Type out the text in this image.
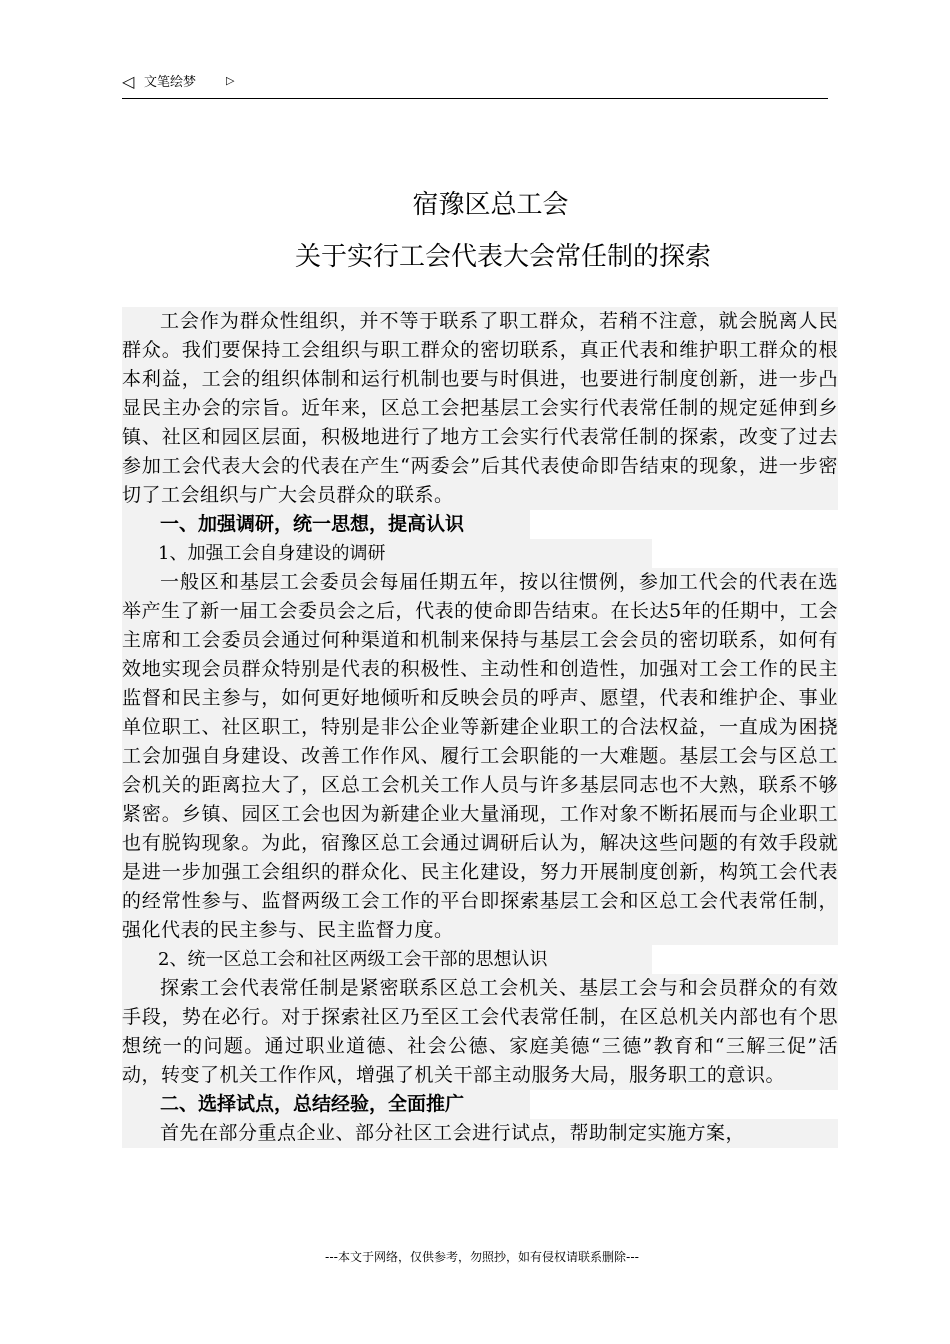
◁ 文笔绘梦	▷
宿豫区总工会
关于实行工会代表大会常任制的探索

工会作为群众性组织，并不等于联系了职工群众，若稍不注意，就会脱离人民群众。我们要保持工会组织与职工群众的密切联系，真正代表和维护职工群众的根本利益，工会的组织体制和运行机制也要与时俱进，也要进行制度创新，进一步凸显民主办会的宗旨。近年来，区总工会把基层工会实行代表常任制的规定延伸到乡镇、社区和园区层面，积极地进行了地方工会实行代表常任制的探索，改变了过去参加工会代表大会的代表在产生“两委会”后其代表使命即告结束的现象，进一步密切了工会组织与广大会员群众的联系。

一、加强调研，统一思想，提高认识

1、加强工会自身建设的调研

一般区和基层工会委员会每届任期五年，按以往惯例，参加工代会的代表在选举产生了新一届工会委员会之后，代表的使命即告结束。在长达5年的任期中，工会主席和工会委员会通过何种渠道和机制来保持与基层工会会员的密切联系，如何有效地实现会员群众特别是代表的积极性、主动性和创造性，加强对工会工作的民主监督和民主参与，如何更好地倾听和反映会员的呼声、愿望，代表和维护企、事业单位职工、社区职工，特别是非公企业等新建企业职工的合法权益，一直成为困挠工会加强自身建设、改善工作作风、履行工会职能的一大难题。基层工会与区总工会机关的距离拉大了，区总工会机关工作人员与许多基层同志也不大熟，联系不够紧密。乡镇、园区工会也因为新建企业大量涌现，工作对象不断拓展而与企业职工也有脱钩现象。为此，宿豫区总工会通过调研后认为，解决这些问题的有效手段就是进一步加强工会组织的群众化、民主化建设，努力开展制度创新，构筑工会代表的经常性参与、监督两级工会工作的平台即探索基层工会和区总工会代表常任制，强化代表的民主参与、民主监督力度。

2、统一区总工会和社区两级工会干部的思想认识

探索工会代表常任制是紧密联系区总工会机关、基层工会与和会员群众的有效手段，势在必行。对于探索社区乃至区工会代表常任制，在区总机关内部也有个思想统一的问题。通过职业道德、社会公德、家庭美德“三德”教育和“三解三促”活动，转变了机关工作作风，增强了机关干部主动服务大局，服务职工的意识。

二、选择试点，总结经验，全面推广

首先在部分重点企业、部分社区工会进行试点，帮助制定实施方案，

---本文于网络，仅供参考，勿照抄，如有侵权请联系删除---
